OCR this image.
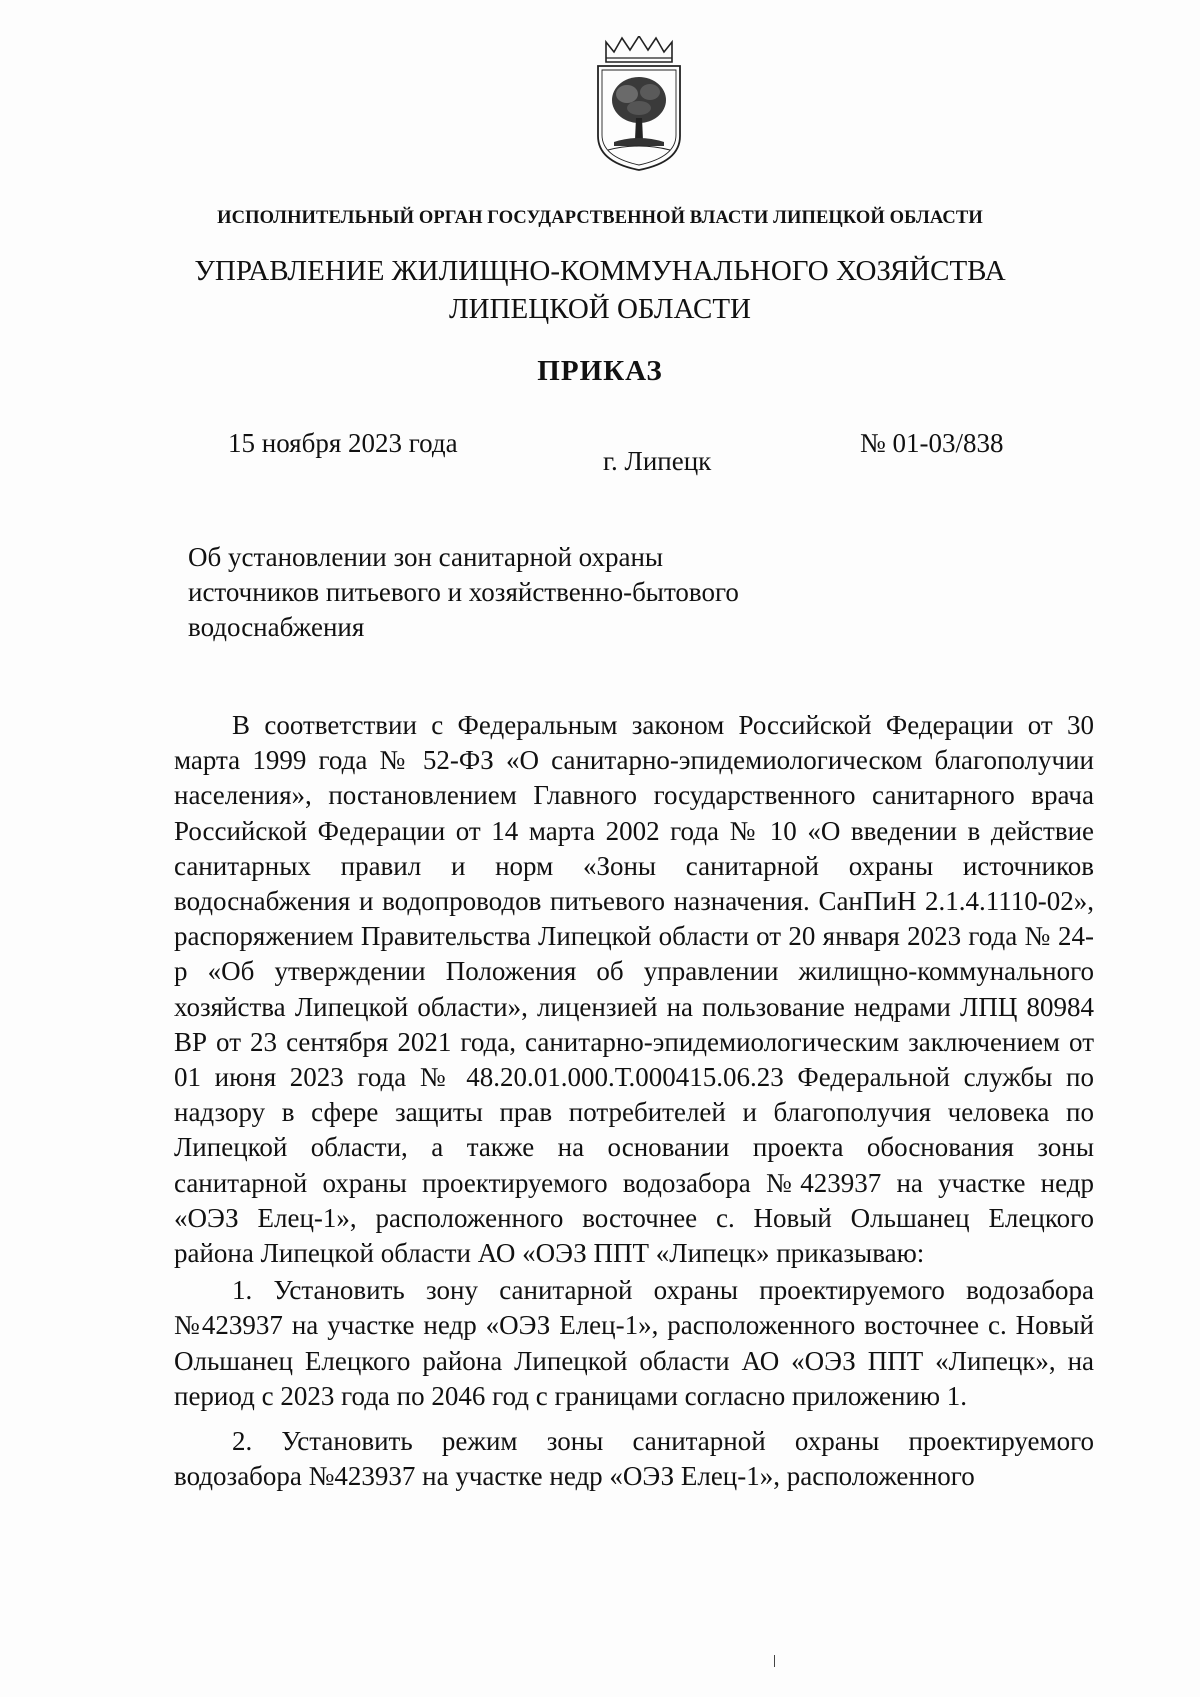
ИСПОЛНИТЕЛЬНЫЙ ОРГАН ГОСУДАРСТВЕННОЙ ВЛАСТИ ЛИПЕЦКОЙ ОБЛАСТИ
УПРАВЛЕНИЕ ЖИЛИЩНО-КОММУНАЛЬНОГО ХОЗЯЙСТВА
ЛИПЕЦКОЙ ОБЛАСТИ
ПРИКАЗ
15 ноября 2023 года
г. Липецк
№ 01-03/838
Об установлении зон санитарной охраны
источников питьевого и хозяйственно-бытового
водоснабжения

В соответствии с Федеральным законом Российской Федерации от 30 марта 1999 года № 52-ФЗ «О санитарно-эпидемиологическом благополучии населения», постановлением Главного государственного санитарного врача Российской Федерации от 14 марта 2002 года № 10 «О введении в действие санитарных правил и норм «Зоны санитарной охраны источников водоснабжения и водопроводов питьевого назначения. СанПиН 2.1.4.1110-02», распоряжением Правительства Липецкой области от 20 января 2023 года № 24-р «Об утверждении Положения об управлении жилищно-коммунального хозяйства Липецкой области», лицензией на пользование недрами ЛПЦ 80984 ВР от 23 сентября 2021 года, санитарно-эпидемиологическим заключением от 01 июня 2023 года № 48.20.01.000.Т.000415.06.23 Федеральной службы по надзору в сфере защиты прав потребителей и благополучия человека по Липецкой области, а также на основании проекта обоснования зоны санитарной охраны проектируемого водозабора №423937 на участке недр «ОЭЗ Елец-1», расположенного восточнее с. Новый Ольшанец Елецкого района Липецкой области АО «ОЭЗ ППТ «Липецк» приказываю:

1. Установить зону санитарной охраны проектируемого водозабора №423937 на участке недр «ОЭЗ Елец-1», расположенного восточнее с. Новый Ольшанец Елецкого района Липецкой области АО «ОЭЗ ППТ «Липецк», на период с 2023 года по 2046 год с границами согласно приложению 1.

2. Установить режим зоны санитарной охраны проектируемого водозабора №423937 на участке недр «ОЭЗ Елец-1», расположенного
